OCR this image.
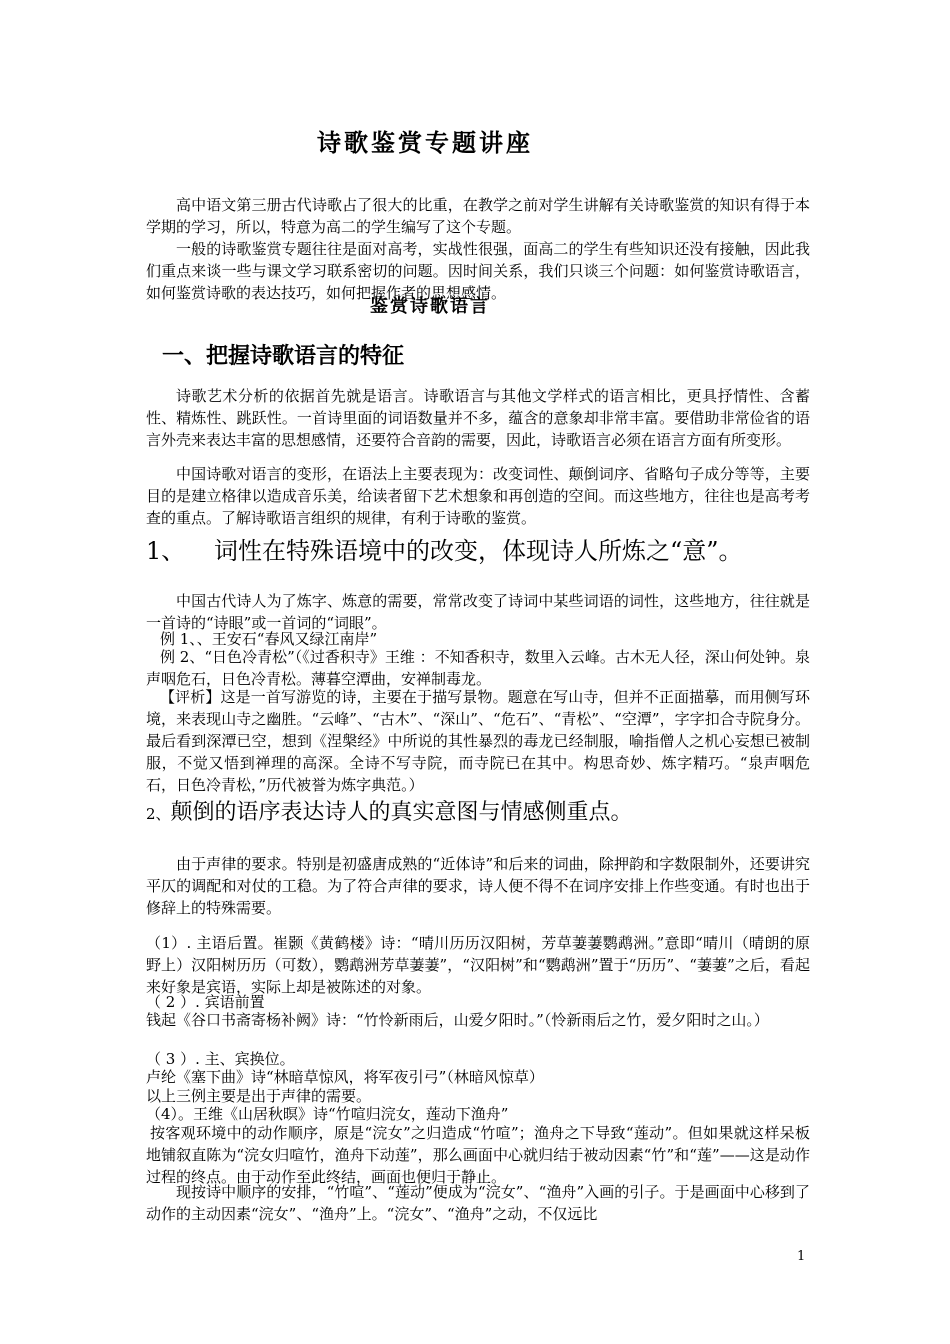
诗歌鉴赏专题讲座

高中语文第三册古代诗歌占了很大的比重，在教学之前对学生讲解有关诗歌鉴赏的知识有得于本学期的学习，所以，特意为高二的学生编写了这个专题。

一般的诗歌鉴赏专题往往是面对高考，实战性很强，面高二的学生有些知识还没有接触，因此我们重点来谈一些与课文学习联系密切的问题。因时间关系，我们只谈三个问题：如何鉴赏诗歌语言，如何鉴赏诗歌的表达技巧，如何把握作者的思想感情。

鉴赏诗歌语言
一、把握诗歌语言的特征

诗歌艺术分析的依据首先就是语言。诗歌语言与其他文学样式的语言相比，更具抒情性、含蓄性、精炼性、跳跃性。一首诗里面的词语数量并不多，蕴含的意象却非常丰富。要借助非常俭省的语言外壳来表达丰富的思想感情，还要符合音韵的需要，因此，诗歌语言必须在语言方面有所变形。

中国诗歌对语言的变形，在语法上主要表现为：改变词性、颠倒词序、省略句子成分等等，主要目的是建立格律以造成音乐美，给读者留下艺术想象和再创造的空间。而这些地方，往往也是高考考查的重点。了解诗歌语言组织的规律，有利于诗歌的鉴赏。

1、 词性在特殊语境中的改变，体现诗人所炼之“意”。

中国古代诗人为了炼字、炼意的需要，常常改变了诗词中某些词语的词性，这些地方，往往就是一首诗的“诗眼”或一首词的“词眼”。

例 1、、王安石“春风又绿江南岸”

例 2、“日色冷青松”（《过香积寺》王维 ：不知香积寺，数里入云峰。古木无人径，深山何处钟。泉声咽危石，日色冷青松。薄暮空潭曲，安禅制毒龙。

【评析】这是一首写游览的诗，主要在于描写景物。题意在写山寺，但并不正面描摹，而用侧写环境，来表现山寺之幽胜。“云峰”、“古木”、“深山”、“危石”、“青松”、“空潭”，字字扣合寺院身分。最后看到深潭已空，想到《涅槃经》中所说的其性暴烈的毒龙已经制服，喻指僧人之机心妄想已被制服，不觉又悟到禅理的高深。全诗不写寺院，而寺院已在其中。构思奇妙、炼字精巧。“泉声咽危石，日色冷青松，”历代被誉为炼字典范。）

2、颠倒的语序表达诗人的真实意图与情感侧重点。

由于声律的要求。特别是初盛唐成熟的“近体诗”和后来的词曲，除押韵和字数限制外，还要讲究平仄的调配和对仗的工稳。为了符合声律的要求，诗人便不得不在词序安排上作些变通。有时也出于修辞上的特殊需要。

（1）. 主语后置。崔颢《黄鹤楼》诗：“晴川历历汉阳树，芳草萋萋鹦鹉洲。”意即“晴川（晴朗的原野上）汉阳树历历（可数），鹦鹉洲芳草萋萋”，“汉阳树”和“鹦鹉洲”置于“历历”、“萋萋”之后，看起来好象是宾语，实际上却是被陈述的对象。

（ 2 ）. 宾语前置

钱起《谷口书斋寄杨补阙》诗：“竹怜新雨后，山爱夕阳时。”（怜新雨后之竹，爱夕阳时之山。）

（ 3 ）. 主、宾换位。

卢纶《塞下曲》诗“林暗草惊风，将军夜引弓”（林暗风惊草）

以上三例主要是出于声律的需要。

（4）。王维《山居秋暝》诗“竹喧归浣女，莲动下渔舟”

按客观环境中的动作顺序，原是“浣女”之归造成“竹喧”；渔舟之下导致“莲动”。但如果就这样呆板地铺叙直陈为“浣女归喧竹，渔舟下动莲”，那么画面中心就归结于被动因素“竹”和“莲”——这是动作过程的终点。由于动作至此终结，画面也便归于静止。

现按诗中顺序的安排，“竹喧”、“莲动”便成为“浣女”、“渔舟”入画的引子。于是画面中心移到了动作的主动因素“浣女”、“渔舟”上。“浣女”、“渔舟”之动，不仅远比

1
